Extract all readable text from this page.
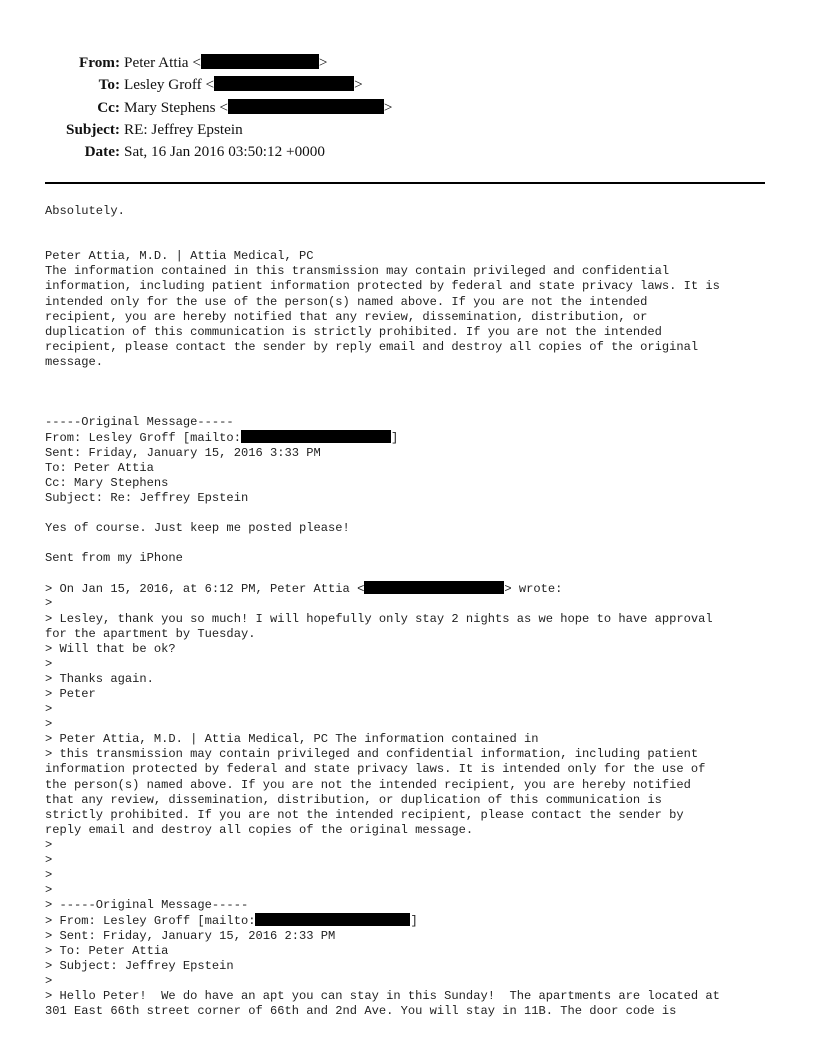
From: Peter Attia <	>
To: Lesley Groff <	>
Cc: Mary Stephens <	>
Subject: RE: Jeffrey Epstein
Date: Sat, 16 Jan 2016 03:50:12 +0000
Absolutely.
Peter Attia, M.D. | Attia Medical, PC
The information contained in this transmission may contain privileged and confidential
information, including patient information protected by federal and state privacy laws. It is
intended only for the use of the person(s) named above. If you are not the intended
recipient, you are hereby notified that any review, dissemination, distribution, or
duplication of this communication is strictly prohibited. If you are not the intended
recipient, please contact the sender by reply email and destroy all copies of the original
message.
-----Original Message-----
From: Lesley Groff [mailto:	]
Sent: Friday, January 15, 2016 3:33 PM
To: Peter Attia
Cc: Mary Stephens
Subject: Re: Jeffrey Epstein
Yes of course. Just keep me posted please!
Sent from my iPhone
> On Jan 15, 2016, at 6:12 PM, Peter Attia <	> wrote:
>
> Lesley, thank you so much! I will hopefully only stay 2 nights as we hope to have approval
for the apartment by Tuesday.
> Will that be ok?
>
> Thanks again.
> Peter
>
>
> Peter Attia, M.D. | Attia Medical, PC The information contained in
> this transmission may contain privileged and confidential information, including patient
information protected by federal and state privacy laws. It is intended only for the use of
the person(s) named above. If you are not the intended recipient, you are hereby notified
that any review, dissemination, distribution, or duplication of this communication is
strictly prohibited. If you are not the intended recipient, please contact the sender by
reply email and destroy all copies of the original message.
>
>
>
>
> -----Original Message-----
> From: Lesley Groff [mailto:	]
> Sent: Friday, January 15, 2016 2:33 PM
> To: Peter Attia
> Subject: Jeffrey Epstein
>
> Hello Peter!  We do have an apt you can stay in this Sunday!  The apartments are located at
301 East 66th street corner of 66th and 2nd Ave. You will stay in 11B. The door code is
